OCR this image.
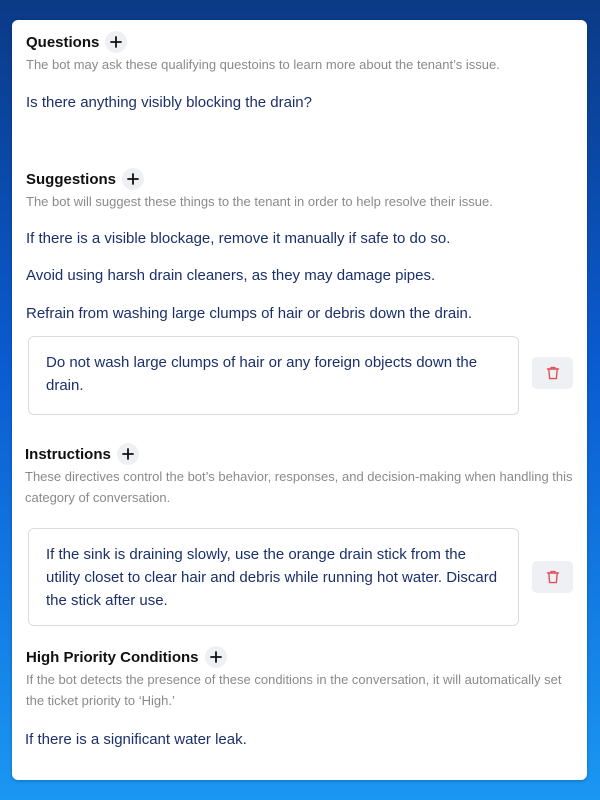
Questions
The bot may ask these qualifying questoins to learn more about the tenant’s issue.
Is there anything visibly blocking the drain?
Suggestions
The bot will suggest these things to the tenant in order to help resolve their issue.
If there is a visible blockage, remove it manually if safe to do so.
Avoid using harsh drain cleaners, as they may damage pipes.
Refrain from washing large clumps of hair or debris down the drain.
Do not wash large clumps of hair or any foreign objects down the drain.
Instructions
These directives control the bot’s behavior, responses, and decision-making when handling this category of conversation.
If the sink is draining slowly, use the orange drain stick from the utility closet to clear hair and debris while running hot water. Discard the stick after use.
High Priority Conditions
If the bot detects the presence of these conditions in the conversation, it will automatically set the ticket priority to ‘High.’
If there is a significant water leak.
